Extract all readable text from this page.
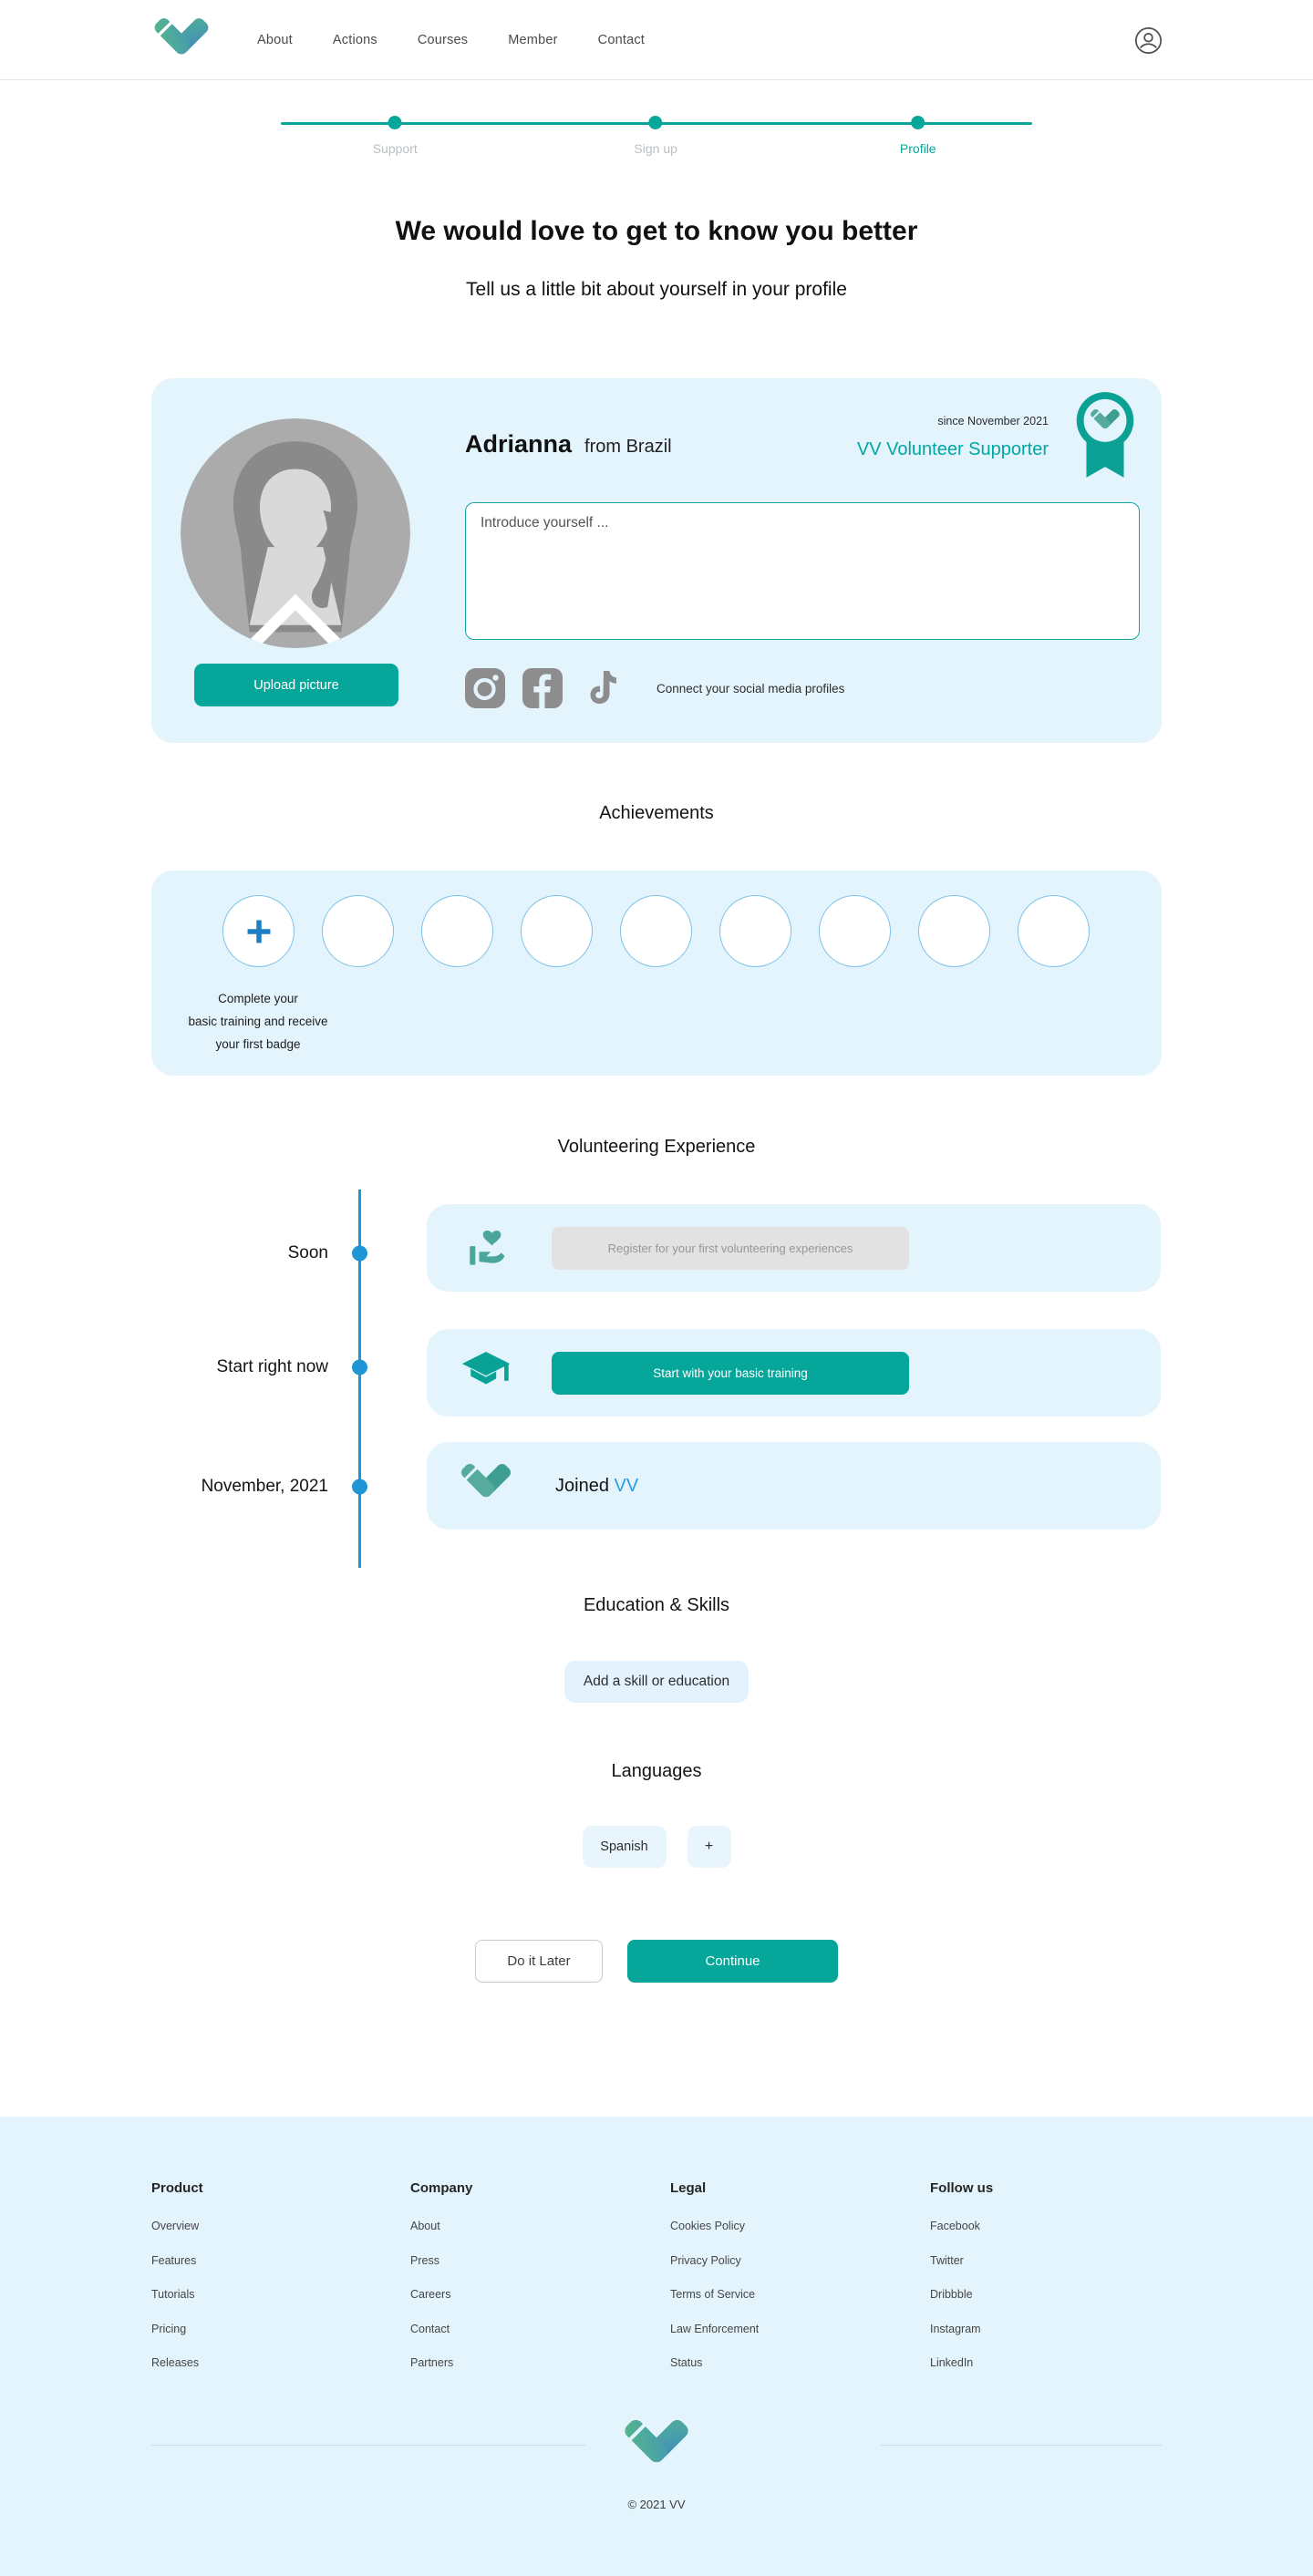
About	Actions	Courses	Member	Contact
Support	Sign up	Profile
We would love to get to know you better
Tell us a little bit about yourself in your profile
Upload picture
Adrianna from Brazil
since November 2021
VV Volunteer Supporter
Introduce yourself ...
Connect your social media profiles
Achievements
Complete your
basic training and receive
your first badge
Volunteering Experience
Soon
Start right now
November, 2021
Register for your first volunteering experiences
Start with your basic training
Joined VV
Education & Skills
Add a skill or education
Languages
Spanish	+
Do it Later	Continue
Product
Overview
Features
Tutorials
Pricing
Releases
Company
About
Press
Careers
Contact
Partners
Legal
Cookies Policy
Privacy Policy
Terms of Service
Law Enforcement
Status
Follow us
Facebook
Twitter
Dribbble
Instagram
LinkedIn
© 2021 VV
